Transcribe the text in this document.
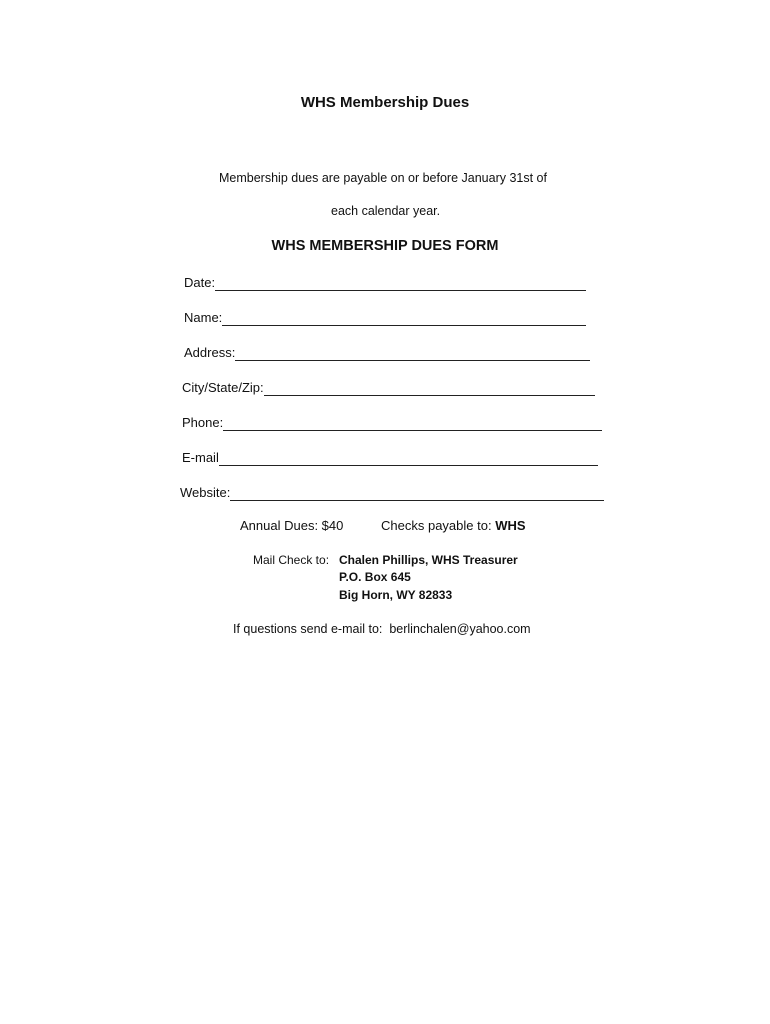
WHS Membership Dues
Membership dues are payable on or before January 31st of
each calendar year.
WHS MEMBERSHIP DUES FORM
Date:
Name:
Address:
City/State/Zip:
Phone:
E-mail
Website:
Annual Dues: $40	Checks payable to: WHS
Mail Check to: Chalen Phillips, WHS Treasurer
P.O. Box 645
Big Horn, WY 82833
If questions send e-mail to: berlinchalen@yahoo.com
